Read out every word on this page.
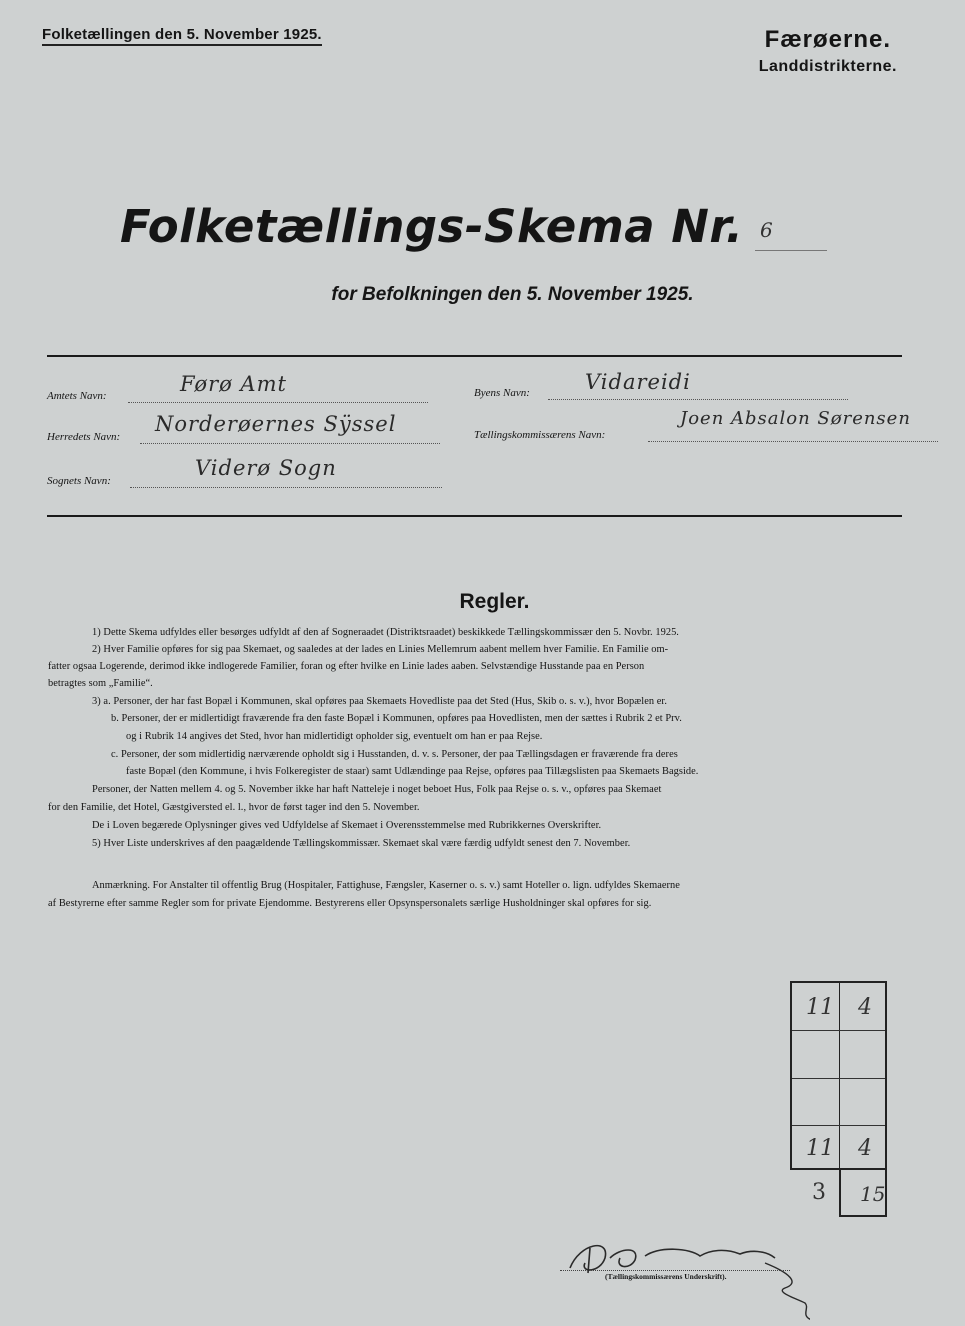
Folketællingen den 5. November 1925.	Færøerne.
Landdistrikterne.
Folketællings-Skema Nr. 6
for Befolkningen den 5. November 1925.
Amtets Navn:	Førø Amt
Herredets Navn:
Norderøernes Sÿssel
Sognets Navn:
Viderø Sogn
Byens Navn:	Vidareidi
Tællingskommissærens Navn:
Joen Absalon Sørensen
Regler.
1) Dette Skema udfyldes eller besørges udfyldt af den af Sogneraadet (Distriktsraadet) beskikkede Tællingskommissær den 5. Novbr. 1925.
2) Hver Familie opføres for sig paa Skemaet, og saaledes at der lades en Linies Mellemrum aabent mellem hver Familie. En Familie om-
fatter ogsaa Logerende, derimod ikke indlogerede Familier, foran og efter hvilke en Linie lades aaben. Selvstændige Husstande paa en Person
betragtes som „Familie“.
3) a. Personer, der har fast Bopæl i Kommunen, skal opføres paa Skemaets Hovedliste paa det Sted (Hus, Skib o. s. v.), hvor Bopælen er.
b. Personer, der er midlertidigt fraværende fra den faste Bopæl i Kommunen, opføres paa Hovedlisten, men der sættes i Rubrik 2 et Prv.
og i Rubrik 14 angives det Sted, hvor han midlertidigt opholder sig, eventuelt om han er paa Rejse.
c. Personer, der som midlertidig nærværende opholdt sig i Husstanden, d. v. s. Personer, der paa Tællingsdagen er fraværende fra deres
faste Bopæl (den Kommune, i hvis Folkeregister de staar) samt Udlændinge paa Rejse, opføres paa Tillægslisten paa Skemaets Bagside.
Personer, der Natten mellem 4. og 5. November ikke har haft Natteleje i noget beboet Hus, Folk paa Rejse o. s. v., opføres paa Skemaet
for den Familie, det Hotel, Gæstgiversted el. l., hvor de først tager ind den 5. November.
De i Loven begærede Oplysninger gives ved Udfyldelse af Skemaet i Overensstemmelse med Rubrikkernes Overskrifter.
5) Hver Liste underskrives af den paagældende Tællingskommissær. Skemaet skal være færdig udfyldt senest den 7. November.
Anmærkning. For Anstalter til offentlig Brug (Hospitaler, Fattighuse, Fængsler, Kaserner o. s. v.) samt Hoteller o. lign. udfyldes Skemaerne
af Bestyrerne efter samme Regler som for private Ejendomme. Bestyrerens eller Opsynspersonalets særlige Husholdninger skal opføres for sig.
11 4
11 4
3 15
(Tællingskommissærens Underskrift).
